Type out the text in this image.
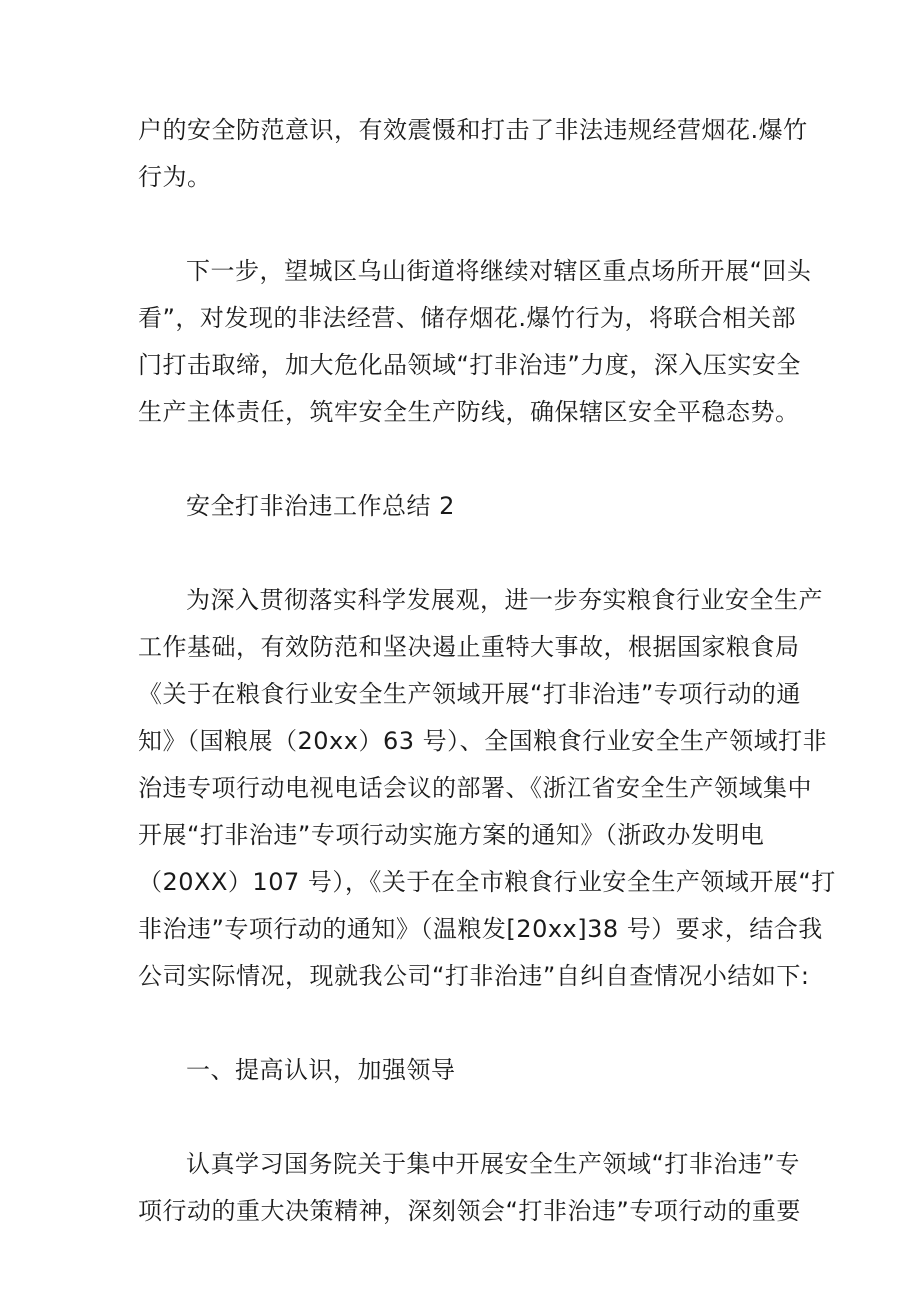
户的安全防范意识，有效震慑和打击了非法违规经营烟花.爆竹
行为。
下一步，望城区乌山街道将继续对辖区重点场所开展“回头
看”，对发现的非法经营、储存烟花.爆竹行为，将联合相关部
门打击取缔，加大危化品领域“打非治违”力度，深入压实安全
生产主体责任，筑牢安全生产防线，确保辖区安全平稳态势。
安全打非治违工作总结 2
为深入贯彻落实科学发展观，进一步夯实粮食行业安全生产
工作基础，有效防范和坚决遏止重特大事故，根据国家粮食局
《关于在粮食行业安全生产领域开展“打非治违”专项行动的通
知》（国粮展（20xx）63 号）、全国粮食行业安全生产领域打非
治违专项行动电视电话会议的部署、《浙江省安全生产领域集中
开展“打非治违”专项行动实施方案的通知》（浙政办发明电
（20XX）107 号），《关于在全市粮食行业安全生产领域开展“打
非治违”专项行动的通知》（温粮发[20xx]38 号）要求，结合我
公司实际情况，现就我公司“打非治违”自纠自查情况小结如下:
一、提高认识，加强领导
认真学习国务院关于集中开展安全生产领域“打非治违”专
项行动的重大决策精神，深刻领会“打非治违”专项行动的重要
